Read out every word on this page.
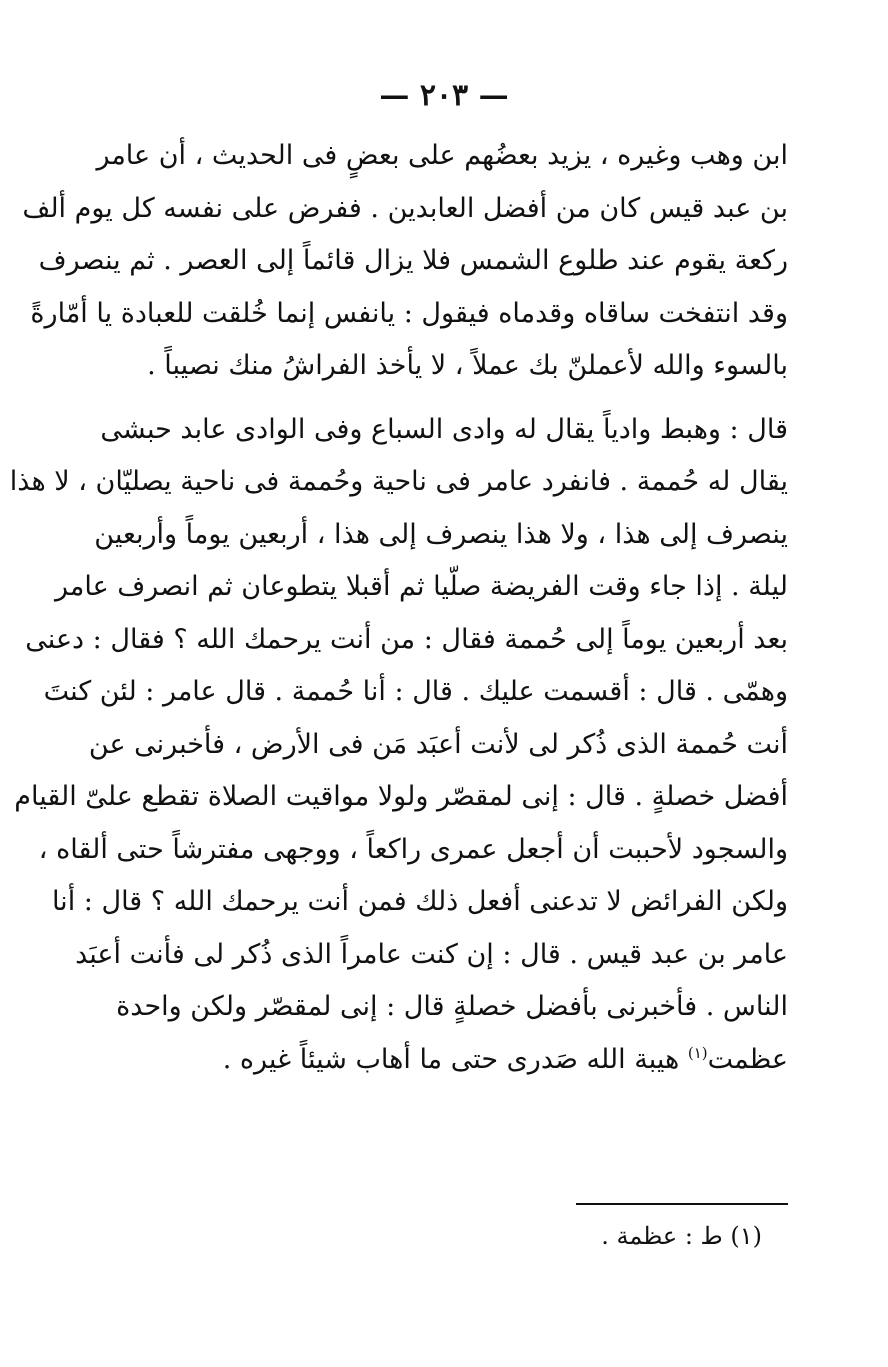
— ٢٠٣ —
ابن وهب وغيره ، يزيد بعضُهم على بعضٍ فى الحديث ، أن عامر
بن عبد قيس كان من أفضل العابدين . ففرض على نفسه كل يوم ألف
ركعة يقوم عند طلوع الشمس فلا يزال قائماً إلى العصر . ثم ينصرف
وقد انتفخت ساقاه وقدماه فيقول : يانفس إنما خُلقت للعبادة يا أمّارةً
بالسوء والله لأعملنّ بك عملاً ، لا يأخذ الفراشُ منك نصيباً .
قال : وهبط وادياً يقال له وادى السباع وفى الوادى عابد حبشى
يقال له حُممة . فانفرد عامر فى ناحية وحُممة فى ناحية يصليّان ، لا هذا
ينصرف إلى هذا ، ولا هذا ينصرف إلى هذا ، أربعين يوماً وأربعين
ليلة . إذا جاء وقت الفريضة صلّيا ثم أقبلا يتطوعان ثم انصرف عامر
بعد أربعين يوماً إلى حُممة فقال : من أنت يرحمك الله ؟ فقال : دعنى
وهمّى . قال : أقسمت عليك . قال : أنا حُممة . قال عامر : لئن كنتَ
أنت حُممة الذى ذُكر لى لأنت أعبَد مَن فى الأرض ، فأخبرنى عن
أفضل خصلةٍ . قال : إنى لمقصّر ولولا مواقيت الصلاة تقطع علىّ القيام
والسجود لأحببت أن أجعل عمرى راكعاً ، ووجهى مفترشاً حتى ألقاه ،
ولكن الفرائض لا تدعنى أفعل ذلك فمن أنت يرحمك الله ؟ قال : أنا
عامر بن عبد قيس . قال : إن كنت عامراً الذى ذُكر لى فأنت أعبَد
الناس . فأخبرنى بأفضل خصلةٍ قال : إنى لمقصّر ولكن واحدة
عظمت$^{(١)}$ هيبة الله صَدرى حتى ما أهاب شيئاً غيره .
(١) ط : عظمة .
